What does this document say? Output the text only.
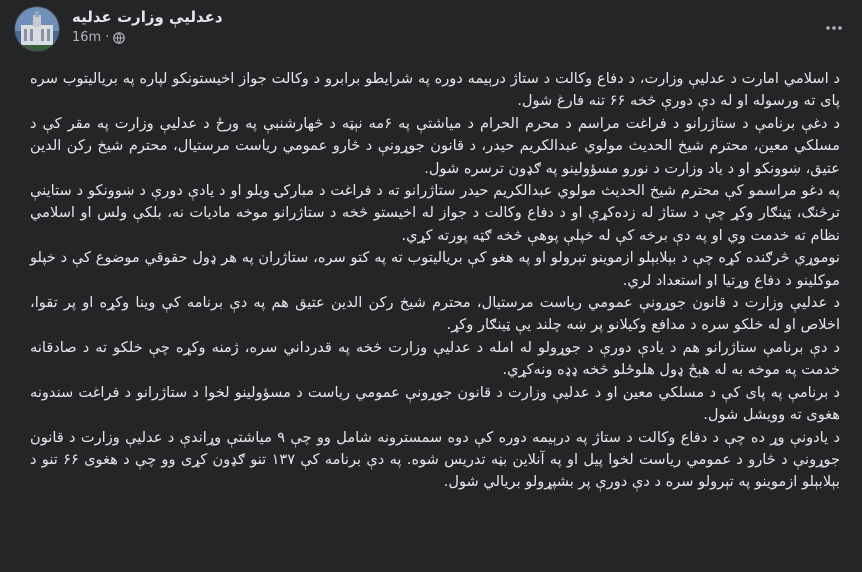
دعدلیې وزارت عدلیه
16m ·

د اسلامي امارت د عدلیې وزارت، د دفاع وکالت د ستاژ درېیمه دوره په شرایطو برابرو د وکالت جواز اخیستونکو لپاره په بریالیتوب سره پای ته ورسوله او له دې دورې څخه ۶۶ تنه فارغ شول.

د دغې برنامې د ستاژرانو د فراغت مراسم د محرم الحرام د میاشتې په ۶مه نېټه د څهارشنبې په ورځ د عدلیې وزارت په مقر کې د مسلکي معین، محترم شیخ الحدیث مولوي عبدالکریم حیدر، د قانون جوړونې د څارو عمومي ریاست مرستیال، محترم شیخ رکن الدین عتیق، ښوونکو او د یاد وزارت د نورو مسؤولینو په ګډون ترسره شول.

په دغو مراسمو کې محترم شیخ الحدیث مولوي عبدالکریم حیدر ستاژرانو ته د فراغت د مبارکۍ ویلو او د یادې دورې د ښوونکو د ستاینې ترڅنګ، ټینګار وکړ چې د ستاژ له زده‌کړې او د دفاع وکالت د جواز له اخیستو څخه د ستاژرانو موخه مادیات نه، بلکې ولس او اسلامي نظام ته خدمت وي او په دې برخه کې له خپلې پوهې څخه ګټه پورته کړي.

نوموړي څرګنده کړه چې د بېلابېلو ازموینو تېرولو او په هغو کې بریالیتوب ته په کتو سره، ستاژران په هر ډول حقوقي موضوع کې د خپلو موکلینو د دفاع وړتیا او استعداد لري.

د عدلیې وزارت د قانون جوړونې عمومي ریاست مرستیال، محترم شیخ رکن الدین عتیق هم په دې برنامه کې وینا وکړه او پر تقوا، اخلاص او له خلکو سره د مدافع وکیلانو پر ښه چلند یې ټینګار وکړ.

د دې برنامې ستاژرانو هم د یادې دورې د جوړولو له امله د عدلیې وزارت څخه په قدرداني سره، ژمنه وکړه چې خلکو ته د صادقانه خدمت په موخه به له هېڅ ډول هلوځلو څخه ډډه ونه‌کړي.

د برنامې په پای کې د مسلکي معین او د عدلیې وزارت د قانون جوړونې عمومي ریاست د مسؤولینو لخوا د ستاژرانو د فراغت سندونه هغوی ته وویشل شول.

د یادونې وړ ده چې د دفاع وکالت د ستاژ په درېیمه دوره کې دوه سمسترونه شامل وو چې ۹ میاشتې وړاندې د عدلیې وزارت د قانون جوړونې د څارو د عمومي ریاست لخوا پیل او په آنلاین بڼه تدریس شوه. په دې برنامه کې ۱۳۷ تنو ګډون کړی وو چې د هغوی ۶۶ تنو د بېلابېلو ازموینو په تېرولو سره د دې دورې پر بشپړولو بریالي شول.
